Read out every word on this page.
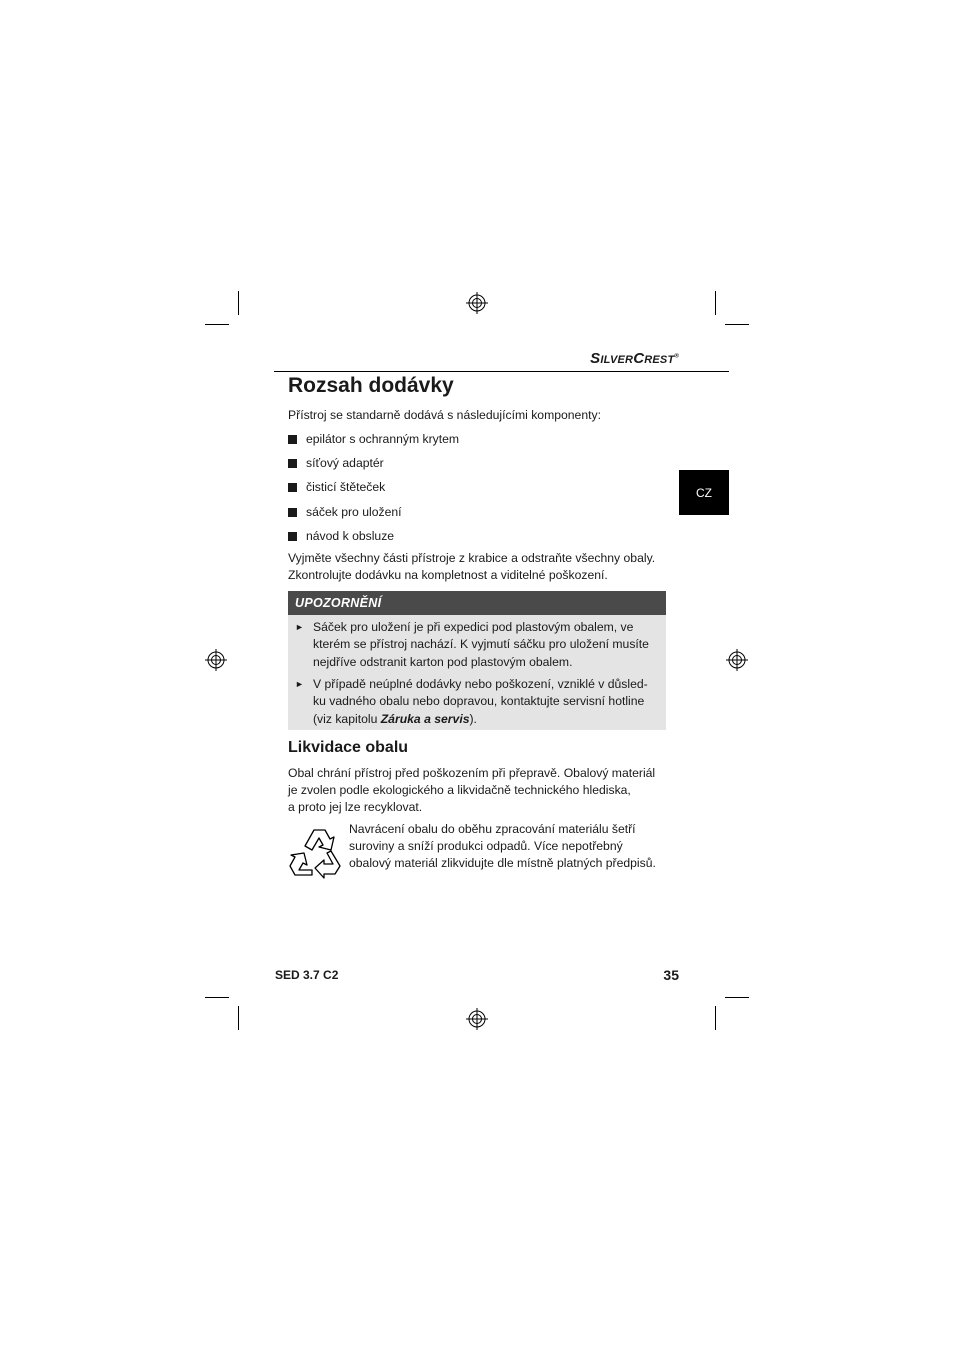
SILVERCREST®
CZ
Rozsah dodávky

Přístroj se standarně dodává s následujícími komponenty:

epilátor s ochranným krytem
síťový adaptér
čisticí štěteček
sáček pro uložení
návod k obsluze
Vyjměte všechny části přístroje z krabice a odstraňte všechny obaly.
Zkontrolujte dodávku na kompletnost a viditelné poškození.
UPOZORNĚNÍ
► Sáček pro uložení je při expedici pod plastovým obalem, ve
kterém se přístroj nachází. K vyjmutí sáčku pro uložení musíte
nejdříve odstranit karton pod plastovým obalem.
► V případě neúplné dodávky nebo poškození, vzniklé v důsled-
ku vadného obalu nebo dopravou, kontaktujte servisní hotline
(viz kapitolu Záruka a servis).
Likvidace obalu
Obal chrání přístroj před poškozením při přepravě. Obalový materiál
je zvolen podle ekologického a likvidačně technického hlediska,
a proto jej lze recyklovat.
Navrácení obalu do oběhu zpracování materiálu šetří
suroviny a sníží produkci odpadů. Více nepotřebný
obalový materiál zlikvidujte dle místně platných předpisů.
SED 3.7 C2	35
